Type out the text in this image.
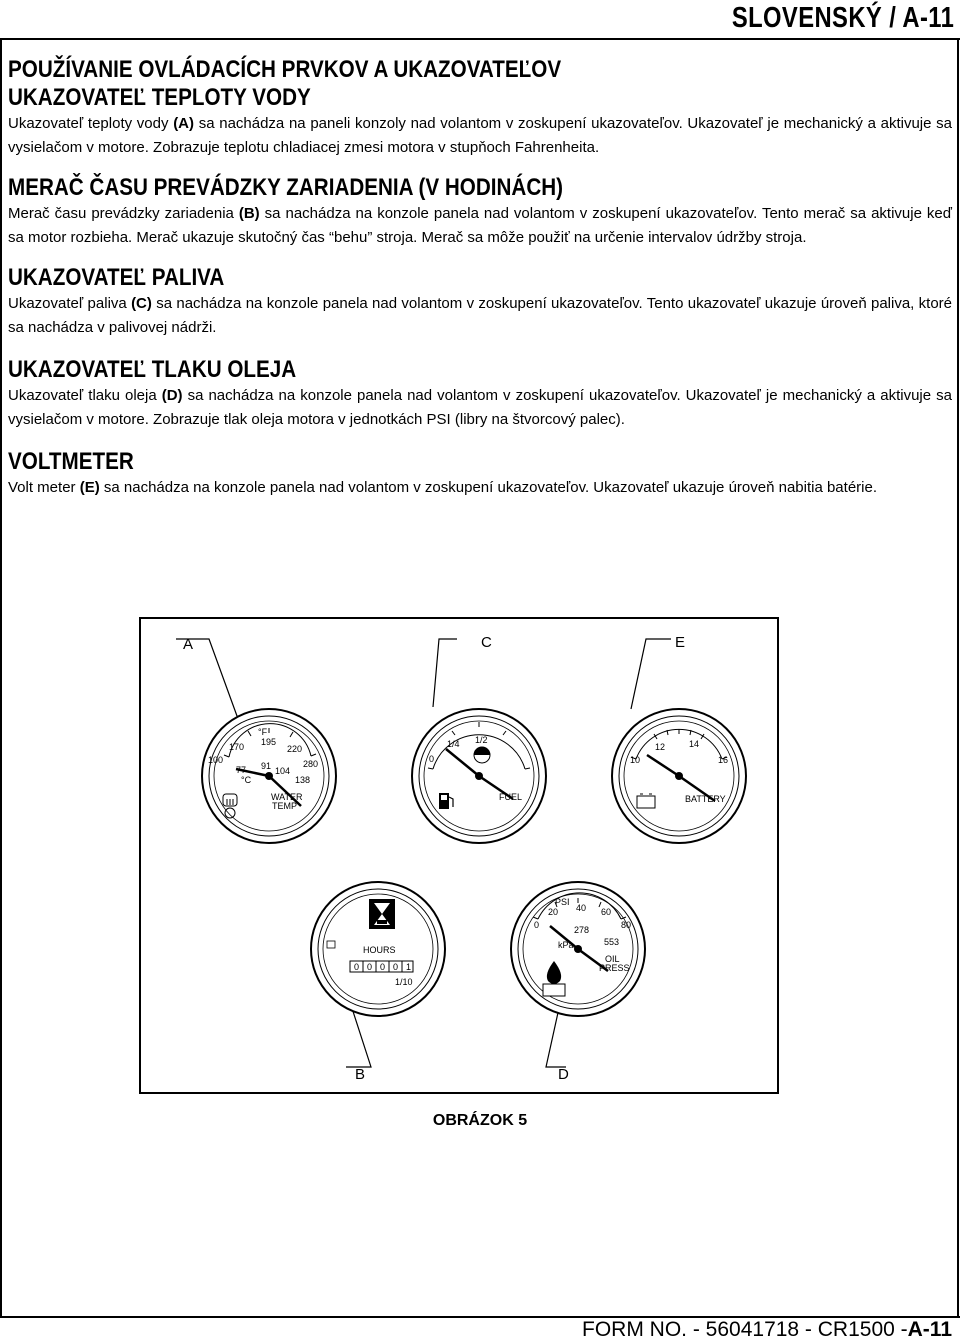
SLOVENSKÝ / A-11
POUŽÍVANIE OVLÁDACÍCH PRVKOV A UKAZOVATEĽOV
UKAZOVATEĽ TEPLOTY VODY

Ukazovateľ teploty vody (A) sa nachádza na paneli konzoly nad volantom v zoskupení ukazovateľov. Ukazovateľ je mechanický a aktivuje sa vysielačom v motore. Zobrazuje teplotu chladiacej zmesi motora v stupňoch Fahrenheita.

MERAČ ČASU PREVÁDZKY ZARIADENIA (V HODINÁCH)

Merač času prevádzky zariadenia (B) sa nachádza na konzole panela nad volantom v zoskupení ukazovateľov. Tento merač sa aktivuje keď sa motor rozbieha. Merač ukazuje skutočný čas “behu” stroja. Merač sa môže použiť na určenie intervalov údržby stroja.

UKAZOVATEĽ PALIVA

Ukazovateľ paliva (C) sa nachádza na konzole panela nad volantom v zoskupení ukazovateľov. Tento ukazovateľ ukazuje úroveň paliva, ktoré sa nachádza v palivovej nádrži.

UKAZOVATEĽ TLAKU OLEJA

Ukazovateľ tlaku oleja (D) sa nachádza na konzole panela nad volantom v zoskupení ukazovateľov. Ukazovateľ je mechanický a aktivuje sa vysielačom v motore. Zobrazuje tlak oleja motora v jednotkách PSI (libry na štvorcový palec).

VOLTMETER

Volt meter (E) sa nachádza na konzole panela nad volantom v zoskupení ukazovateľov. Ukazovateľ ukazuje úroveň nabitia batérie.

A	C	E
B	D
°F
170 195
220
280
100
77 91 104
138
°C
WATER
TEMP
0
1/4 1/2
FUEL
10
12	14
16
BATTERY
HOURS
0 0 0 0 1
1/10
PSI
0
20 40 60
80
278
553
kPa
OIL
PRESS
OBRÁZOK 5
FORM NO. - 56041718 - CR1500 -A-11
